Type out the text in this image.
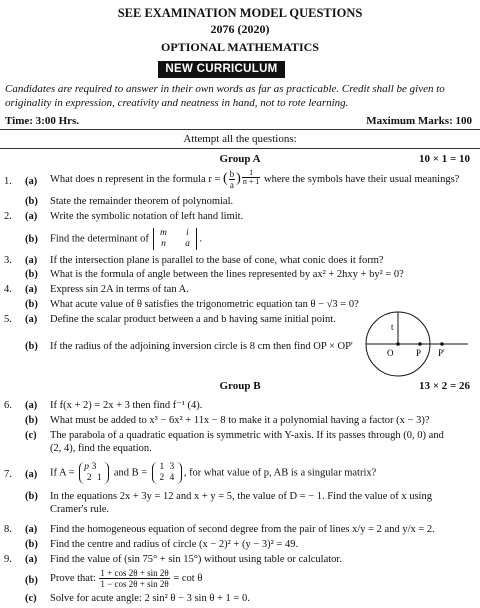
SEE EXAMINATION MODEL QUESTIONS
2076 (2020)
OPTIONAL MATHEMATICS
NEW CURRICULUM
Candidates are required to answer in their own words as far as practicable. Credit shall be given to
originality in expression, creativity and neatness in hand, not to rote learning.
Time: 3:00 Hrs.	Maximum Marks: 100
Attempt all the questions:
Group A	10 × 1 = 10
1. (a) What does n represent in the formula r = ( $\frac{b}{a}$ ) $\frac{1}{n + 1}$ where the symbols have their usual meanings?
(b) State the remainder theorem of polynomial.
2. (a) Write the symbolic notation of left hand limit.
(b) Find the determinant of
m i
n a .
3. (a) If the intersection plane is parallel to the base of cone, what conic does it form?
(b) What is the formula of angle between the lines represented by ax² + 2hxy + by² = 0?
4. (a) Express sin 2A in terms of tan A.
(b) What acute value of θ satisfies the trigonometric equation tan θ − √3 = 0?
5. (a) Define the scalar product between a and b having same initial point.
(b) If the radius of the adjoining inversion circle is 8 cm then find OP × OP'
t
O	P P'
Group B	13 × 2 = 26
6. (a) If f(x + 2) = 2x + 3 then find f⁻¹ (4).
(b) What must be added to x³ − 6x² + 11x − 8 to make it a polynomial having a factor (x − 3)?
(c) The parabola of a quadratic equation is symmetric with Y-axis. If its passes through (0, 0) and
(2, 4), find the equation.
7. (a) If A =
p 3
2 1 and B =
1 3
2 4 , for what value of p, AB is a singular matrix?
(b) In the equations 2x + 3y = 12 and x + y = 5, the value of D = − 1. Find the value of x using
Cramer's rule.
8. (a) Find the homogeneous equation of second degree from the pair of lines x/y = 2 and y/x = 2.
(b) Find the centre and radius of circle (x − 2)² + (y − 3)² = 49.
9. (a) Find the value of (sin 75° + sin 15°) without using table or calculator.
(b) Prove that: $\frac{1 + \cos 2\theta + \sin 2\theta}{1 - \cos 2\theta + \sin 2\theta} = \cot \theta$
(c) Solve for acute angle: 2 sin² θ − 3 sin θ + 1 = 0.
